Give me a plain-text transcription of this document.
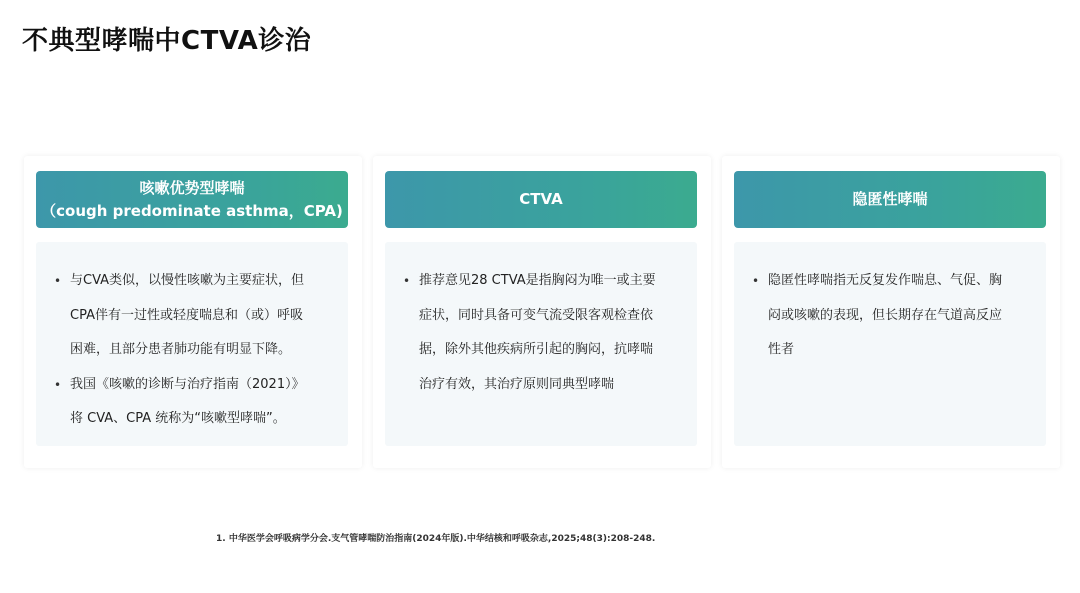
不典型哮喘中CTVA诊治
咳嗽优势型哮喘
（cough predominate asthma，CPA)
• 与CVA类似，以慢性咳嗽为主要症状，但
CPA伴有一过性或轻度喘息和（或）呼吸
困难，且部分患者肺功能有明显下降。
• 我国《咳嗽的诊断与治疗指南（2021）》
将 CVA、CPA 统称为“咳嗽型哮喘”。
CTVA
• 推荐意见28 CTVA是指胸闷为唯一或主要
症状，同时具备可变气流受限客观检查依
据，除外其他疾病所引起的胸闷，抗哮喘
治疗有效，其治疗原则同典型哮喘
隐匿性哮喘
• 隐匿性哮喘指无反复发作喘息、气促、胸
闷或咳嗽的表现，但长期存在气道高反应
性者
1. 中华医学会呼吸病学分会.支气管哮喘防治指南(2024年版).中华结核和呼吸杂志,2025;48(3):208-248.
